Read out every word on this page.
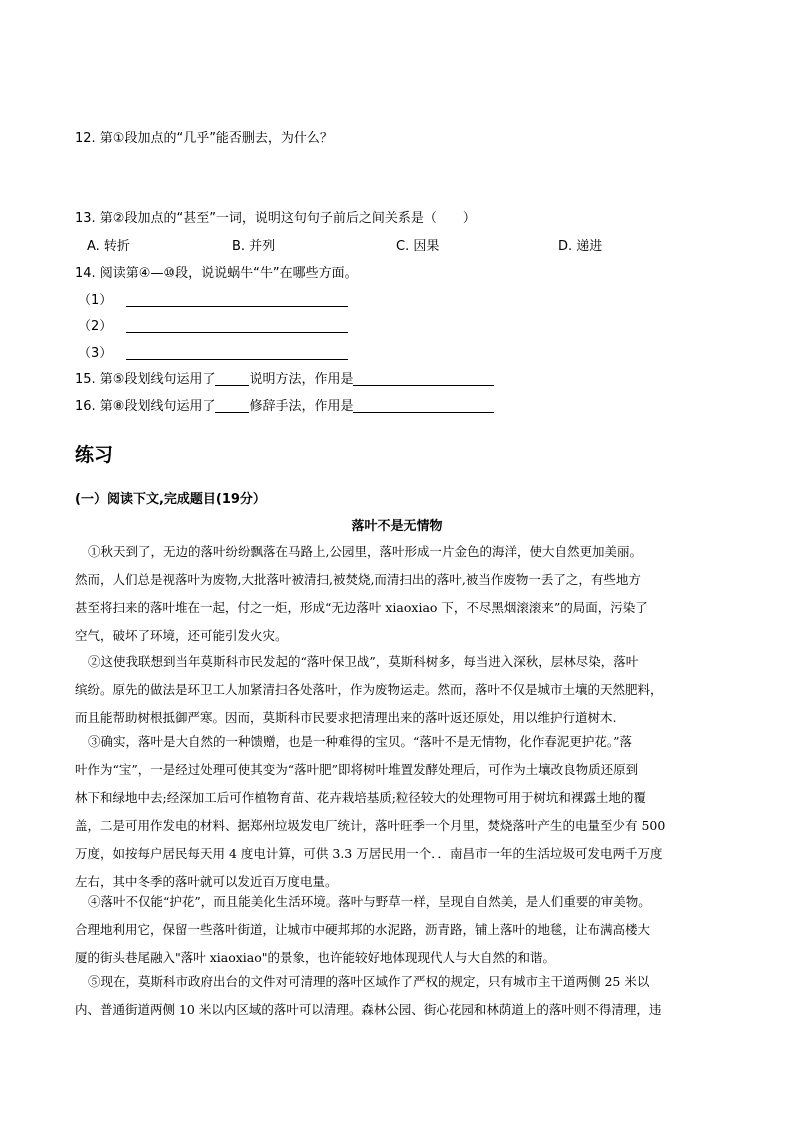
12. 第①段加点的“几乎”能否删去，为什么？
13. 第②段加点的“甚至”一词，说明这句句子前后之间关系是（　　）
A. 转折	B. 并列	C. 因果	D. 递进
14. 阅读第④—⑩段，说说蜗牛“牛”在哪些方面。
（1）
（2）
（3）
15. 第⑤段划线句运用了	说明方法，作用是
16. 第⑧段划线句运用了	修辞手法，作用是
练习
(一）阅读下文,完成题目(19分）
落叶不是无情物
①秋天到了，无边的落叶纷纷飘落在马路上,公园里，落叶形成一片金色的海洋，使大自然更加美丽。
然而，人们总是视落叶为废物,大批落叶被清扫,被焚烧,而清扫出的落叶,被当作废物一丢了之，有些地方
甚至将扫来的落叶堆在一起，付之一炬，形成“无边落叶 xiaoxiao 下，不尽黑烟滚滚来”的局面，污染了
空气，破坏了环境，还可能引发火灾。
②这使我联想到当年莫斯科市民发起的“落叶保卫战”，莫斯科树多，每当进入深秋，层林尽染，落叶
缤纷。原先的做法是环卫工人加紧清扫各处落叶，作为废物运走。然而，落叶不仅是城市土壤的天然肥料，
而且能帮助树根抵御严寒。因而，莫斯科市民要求把清理出来的落叶返还原处，用以维护行道树木.
③确实，落叶是大自然的一种馈赠，也是一种难得的宝贝。“落叶不是无情物，化作春泥更护花。”落
叶作为“宝”，一是经过处理可使其变为“落叶肥”即将树叶堆置发酵处理后，可作为土壤改良物质还原到
林下和绿地中去;经深加工后可作植物育苗、花卉栽培基质;粒径较大的处理物可用于树坑和裸露土地的覆
盖，二是可用作发电的材料、据郑州垃圾发电厂统计，落叶旺季一个月里，焚烧落叶产生的电量至少有 500
万度，如按每户居民每天用 4 度电计算，可供 3.3 万居民用一个．．南昌市一年的生活垃圾可发电两千万度
左右，其中冬季的落叶就可以发近百万度电量。
④落叶不仅能“护花”，而且能美化生活环境。落叶与野草一样，呈现自自然美，是人们重要的审美物。
合理地利用它，保留一些落叶街道，让城市中硬邦邦的水泥路，沥青路，铺上落叶的地毯，让布满高楼大
厦的街头巷尾融入"落叶 xiaoxiao"的景象，也许能较好地体现现代人与大自然的和谐。
⑤现在，莫斯科市政府出台的文件对可清理的落叶区域作了严权的规定，只有城市主干道两侧 25 米以
内、普通街道两侧 10 米以内区域的落叶可以清理。森林公园、街心花园和林荫道上的落叶则不得清理，违
